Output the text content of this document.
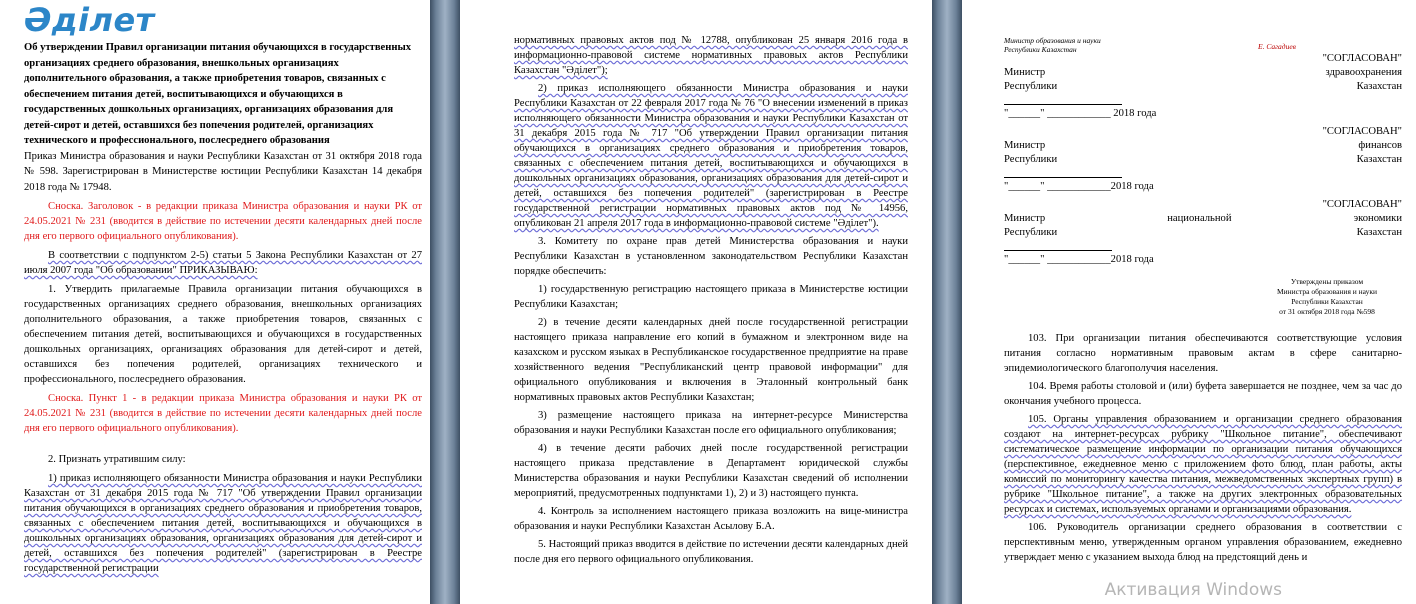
Әділет

Об утверждении Правил организации питания обучающихся в государственных организациях среднего образования, внешкольных организациях дополнительного образования, а также приобретения товаров, связанных с обеспечением питания детей, воспитывающихся и обучающихся в государственных дошкольных организациях, организациях образования для детей-сирот и детей, оставшихся без попечения родителей, организациях технического и профессионального, послесреднего образования

Приказ Министра образования и науки Республики Казахстан от 31 октября 2018 года № 598. Зарегистрирован в Министерстве юстиции Республики Казахстан 14 декабря 2018 года № 17948.

Сноска. Заголовок - в редакции приказа Министра образования и науки РК от 24.05.2021 № 231 (вводится в действие по истечении десяти календарных дней после дня его первого официального опубликования).

В соответствии с подпунктом 2-5) статьи 5 Закона Республики Казахстан от 27 июля 2007 года "Об образовании" ПРИКАЗЫВАЮ:

1. Утвердить прилагаемые Правила организации питания обучающихся в государственных организациях среднего образования, внешкольных организациях дополнительного образования, а также приобретения товаров, связанных с обеспечением питания детей, воспитывающихся и обучающихся в государственных дошкольных организациях, организациях образования для детей-сирот и детей, оставшихся без попечения родителей, организациях технического и профессионального, послесреднего образования.

Сноска. Пункт 1 - в редакции приказа Министра образования и науки РК от 24.05.2021 № 231 (вводится в действие по истечении десяти календарных дней после дня его первого официального опубликования).

2. Признать утратившим силу:

1) приказ исполняющего обязанности Министра образования и науки Республики Казахстан от 31 декабря 2015 года № 717 "Об утверждении Правил организации питания обучающихся в организациях среднего образования и приобретения товаров, связанных с обеспечением питания детей, воспитывающихся и обучающихся в дошкольных организациях образования, организациях образования для детей-сирот и детей, оставшихся без попечения родителей" (зарегистрирован в Реестре государственной регистрации

нормативных правовых актов под № 12788, опубликован 25 января 2016 года в информационно-правовой системе нормативных правовых актов Республики Казахстан "Әділет");

2) приказ исполняющего обязанности Министра образования и науки Республики Казахстан от 22 февраля 2017 года № 76 "О внесении изменений в приказ исполняющего обязанности Министра образования и науки Республики Казахстан от 31 декабря 2015 года № 717 "Об утверждении Правил организации питания обучающихся в организациях среднего образования и приобретения товаров, связанных с обеспечением питания детей, воспитывающихся и обучающихся в дошкольных организациях образования, организациях образования для детей-сирот и детей, оставшихся без попечения родителей" (зарегистрирован в Реестре государственной регистрации нормативных правовых актов под № 14956, опубликован 21 апреля 2017 года в информационно-правовой системе "Әділет").

3. Комитету по охране прав детей Министерства образования и науки Республики Казахстан в установленном законодательством Республики Казахстан порядке обеспечить:

1) государственную регистрацию настоящего приказа в Министерстве юстиции Республики Казахстан;

2) в течение десяти календарных дней после государственной регистрации настоящего приказа направление его копий в бумажном и электронном виде на казахском и русском языках в Республиканское государственное предприятие на праве хозяйственного ведения "Республиканский центр правовой информации" для официального опубликования и включения в Эталонный контрольный банк нормативных правовых актов Республики Казахстан;

3) размещение настоящего приказа на интернет-ресурсе Министерства образования и науки Республики Казахстан после его официального опубликования;

4) в течение десяти рабочих дней после государственной регистрации настоящего приказа представление в Департамент юридической службы Министерства образования и науки Республики Казахстан сведений об исполнении мероприятий, предусмотренных подпунктами 1), 2) и 3) настоящего пункта.

4. Контроль за исполнением настоящего приказа возложить на вице-министра образования и науки Республики Казахстан Асылову Б.А.

5. Настоящий приказ вводится в действие по истечении десяти календарных дней после дня его первого официального опубликования.

Министр образования и науки Республики Казахстан	Е. Сагадиев
"СОГЛАСОВАН"
Министр	здравоохранения
Республики	Казахстан
"______" ____________ 2018 года
"СОГЛАСОВАН"
Министр	финансов
Республики	Казахстан
"______" ____________2018 года
"СОГЛАСОВАН"
Министр	национальной	экономики
Республики	Казахстан
"______" ____________2018 года
Утверждены приказом
Министра образования и науки
Республики Казахстан
от 31 октября 2018 года №598

103. При организации питания обеспечиваются соответствующие условия питания согласно нормативным правовым актам в сфере санитарно-эпидемиологического благополучия населения.

104. Время работы столовой и (или) буфета завершается не позднее, чем за час до окончания учебного процесса.

105. Органы управления образованием и организации среднего образования создают на интернет-ресурсах рубрику "Школьное питание", обеспечивают систематическое размещение информации по организации питания обучающихся (перспективное, ежедневное меню с приложением фото блюд, план работы, акты комиссий по мониторингу качества питания, межведомственных экспертных групп) в рубрике "Школьное питание", а также на других электронных образовательных ресурсах и системах, используемых органами и организациями образования.

106. Руководитель организации среднего образования в соответствии с перспективным меню, утвержденным органом управления образованием, ежедневно утверждает меню с указанием выхода блюд на предстоящий день и

Активация Windows
